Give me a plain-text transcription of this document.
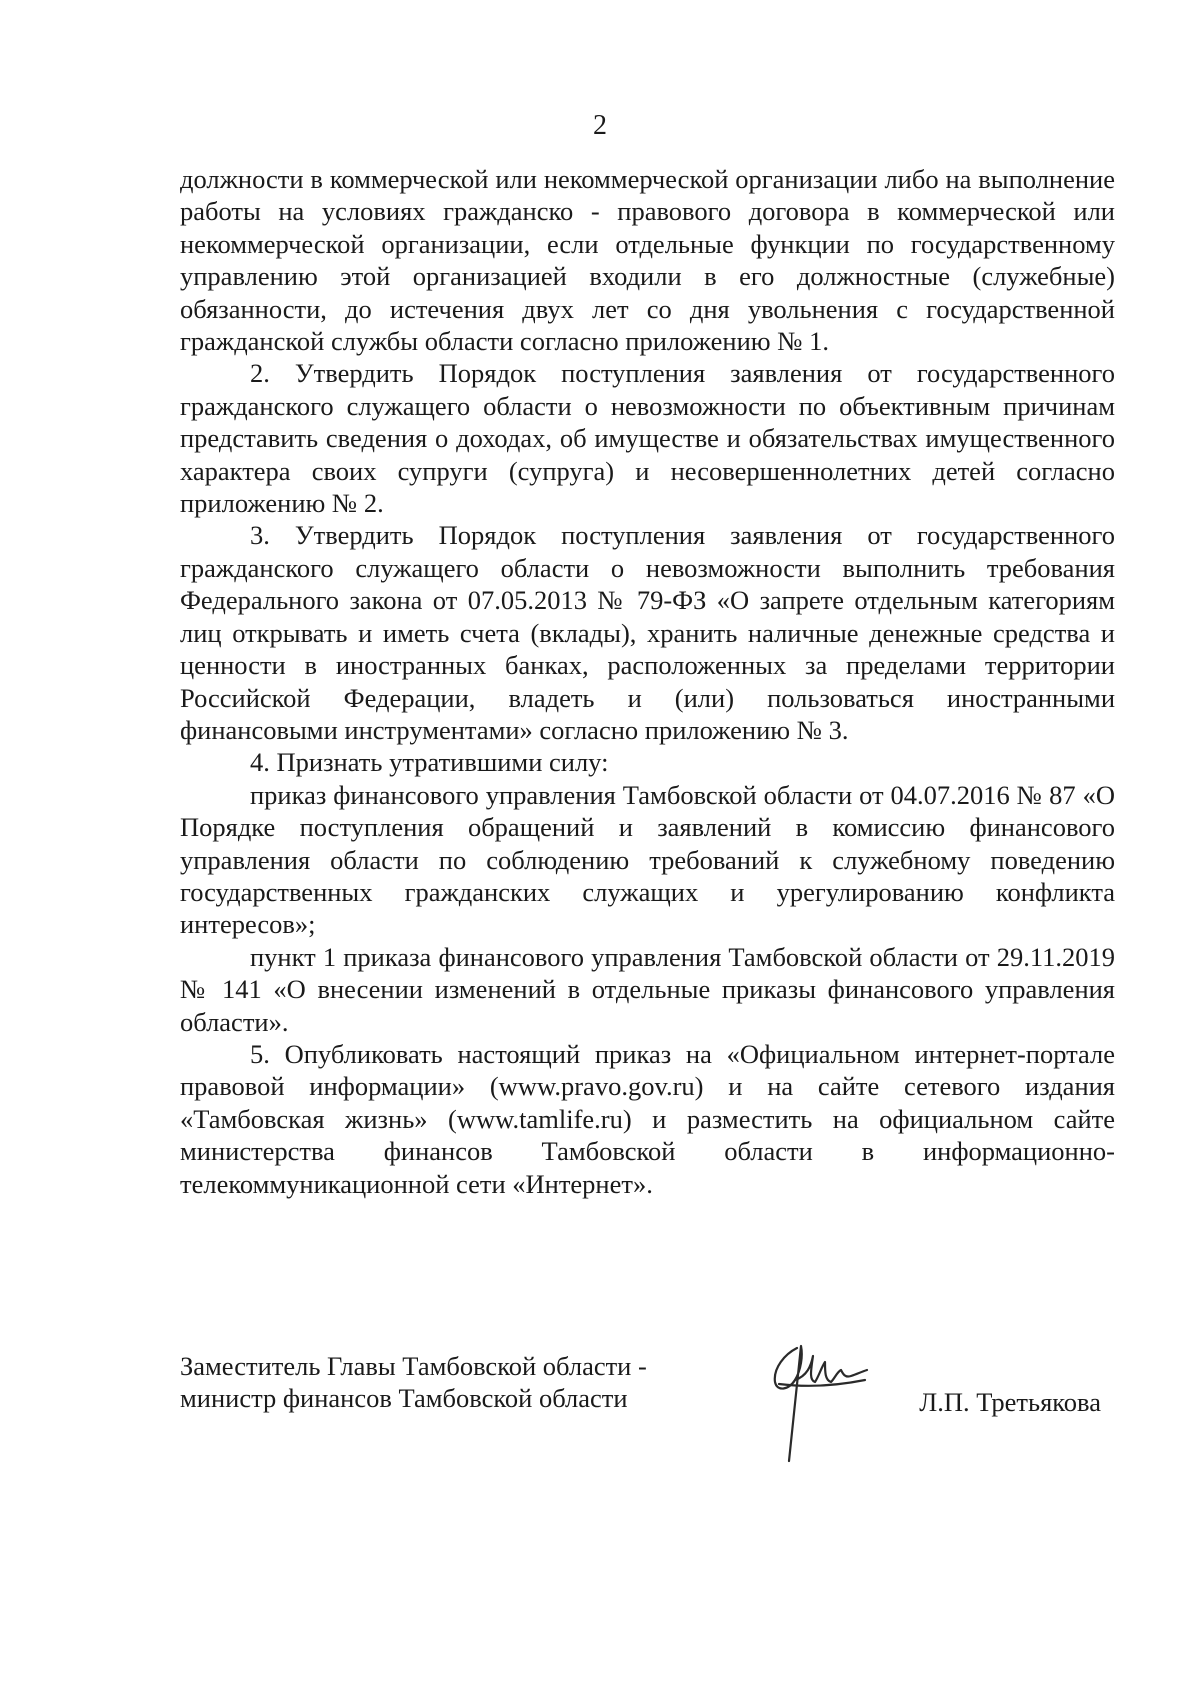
2

должности в коммерческой или некоммерческой организации либо на выполнение работы на условиях гражданско - правового договора в коммерческой или некоммерческой организации, если отдельные функции по государственному управлению этой организацией входили в его должностные (служебные) обязанности, до истечения двух лет со дня увольнения с государственной гражданской службы области согласно приложению № 1.

2. Утвердить Порядок поступления заявления от государственного гражданского служащего области о невозможности по объективным причинам представить сведения о доходах, об имуществе и обязательствах имущественного характера своих супруги (супруга) и несовершеннолетних детей согласно приложению № 2.

3. Утвердить Порядок поступления заявления от государственного гражданского служащего области о невозможности выполнить требования Федерального закона от 07.05.2013 № 79-ФЗ «О запрете отдельным категориям лиц открывать и иметь счета (вклады), хранить наличные денежные средства и ценности в иностранных банках, расположенных за пределами территории Российской Федерации, владеть и (или) пользоваться иностранными финансовыми инструментами» согласно приложению № 3.

4. Признать утратившими силу:

приказ финансового управления Тамбовской области от 04.07.2016 № 87 «О Порядке поступления обращений и заявлений в комиссию финансового управления области по соблюдению требований к служебному поведению государственных гражданских служащих и урегулированию конфликта интересов»;

пункт 1 приказа финансового управления Тамбовской области от 29.11.2019 № 141 «О внесении изменений в отдельные приказы финансового управления области».

5. Опубликовать настоящий приказ на «Официальном интернет-портале правовой информации» (www.pravo.gov.ru) и на сайте сетевого издания «Тамбовская жизнь» (www.tamlife.ru) и разместить на официальном сайте министерства финансов Тамбовской области в информационно-телекоммуникационной сети «Интернет».

Заместитель Главы Тамбовской области -
министр финансов Тамбовской области	Л.П. Третьякова
